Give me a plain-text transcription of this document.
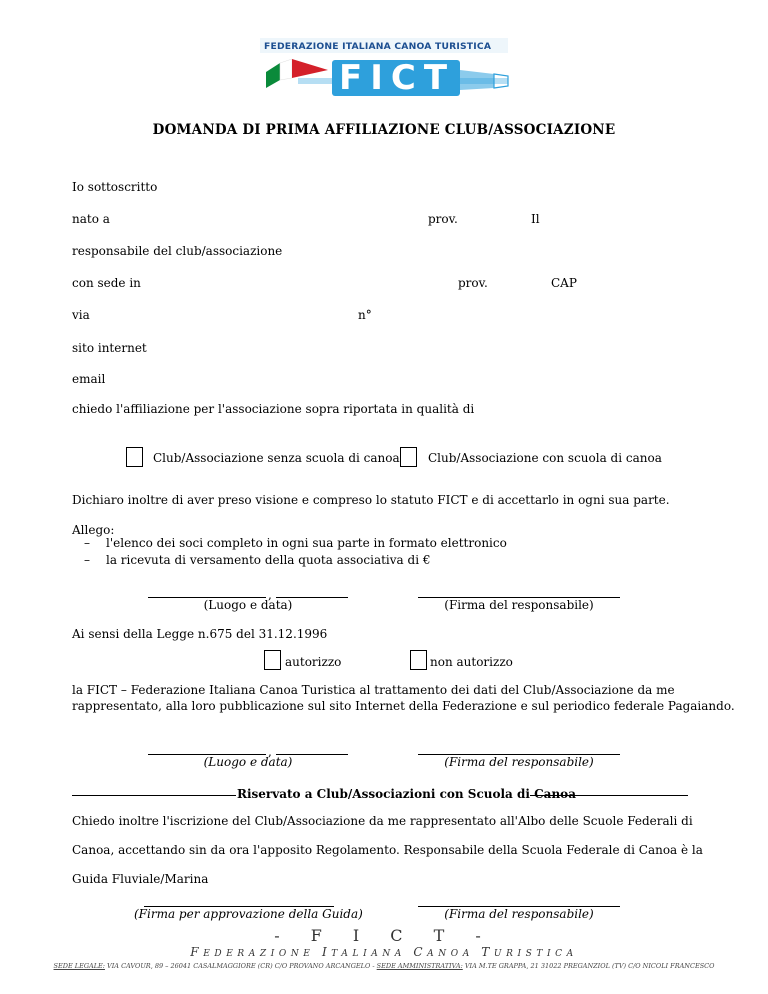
FEDERAZIONE ITALIANA CANOA TURISTICA
FICT
DOMANDA DI PRIMA AFFILIAZIONE CLUB/ASSOCIAZIONE
Io sottoscritto
nato a	prov.	Il
responsabile del club/associazione
con sede in	prov.	CAP
via	n°
sito internet
email
chiedo l'affiliazione per l'associazione sopra riportata in qualità di
Club/Associazione senza scuola di canoa Club/Associazione con scuola di canoa
Dichiaro inoltre di aver preso visione e compreso lo statuto FICT e di accettarlo in ogni sua parte.
Allego:
– l'elenco dei soci completo in ogni sua parte in formato elettronico
– la ricevuta di versamento della quota associativa di €
,
(Luogo e data)	(Firma del responsabile)
Ai sensi della Legge n.675 del 31.12.1996
autorizzo	non autorizzo
la FICT – Federazione Italiana Canoa Turistica al trattamento dei dati del Club/Associazione da me
rappresentato, alla loro pubblicazione sul sito Internet della Federazione e sul periodico federale Pagaiando.
,
(Luogo e data)	(Firma del responsabile)
Riservato a Club/Associazioni con Scuola di Canoa
Chiedo inoltre l'iscrizione del Club/Associazione da me rappresentato all'Albo delle Scuole Federali di
Canoa, accettando sin da ora l'apposito Regolamento. Responsabile della Scuola Federale di Canoa è la
Guida Fluviale/Marina
(Firma per approvazione della Guida)	(Firma del responsabile)
- F I C T -
FEDERAZIONE ITALIANA CANOA TURISTICA
SEDE LEGALE: VIA CAVOUR, 89 – 26041 CASALMAGGIORE (CR) C/O PROVANO ARCANGELO - SEDE AMMINISTRATIVA: VIA M.TE GRAPPA, 21 31022 PREGANZIOL (TV) C/O NICOLI FRANCESCO
